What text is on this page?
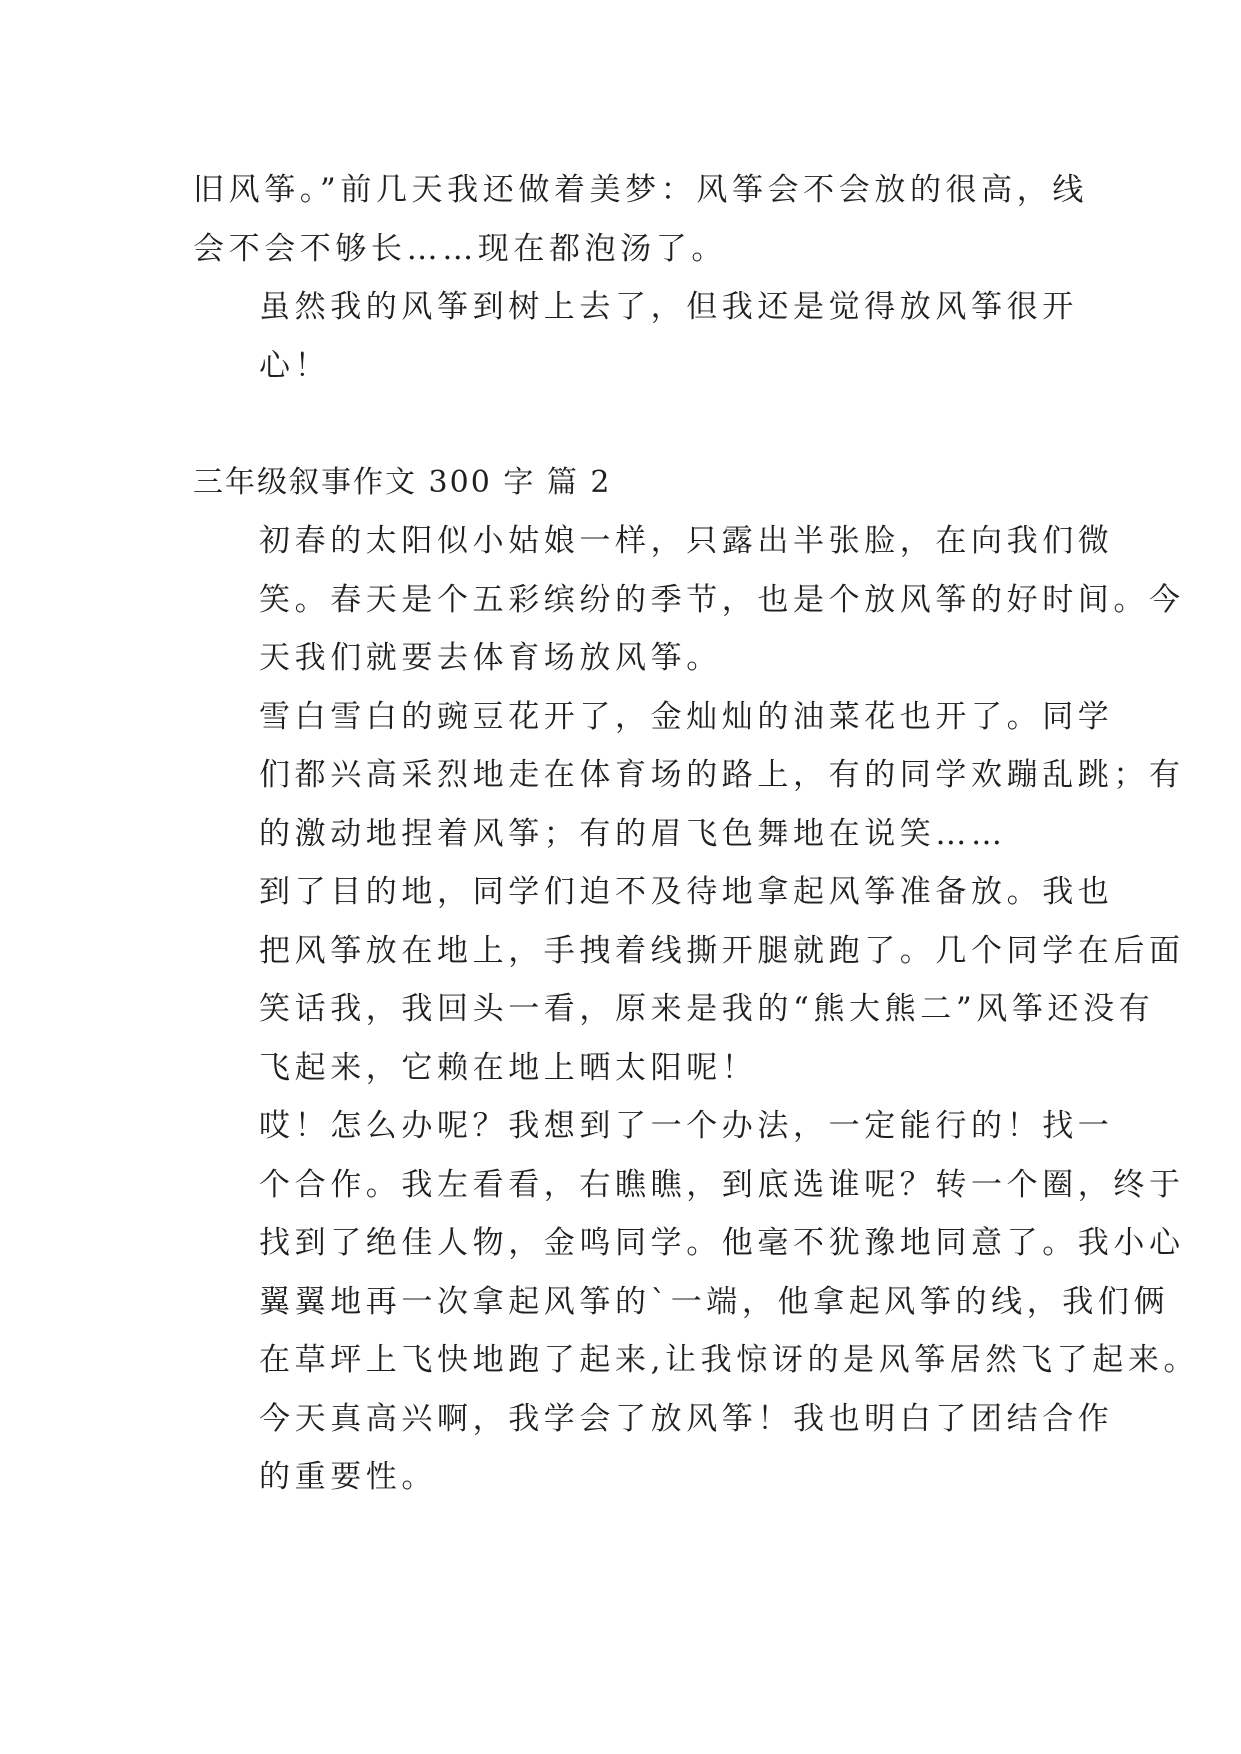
旧风筝。”前几天我还做着美梦：风筝会不会放的很高，线
会不会不够长……现在都泡汤了。

虽然我的风筝到树上去了，但我还是觉得放风筝很开
心！

三年级叙事作文 300 字 篇 2

初春的太阳似小姑娘一样，只露出半张脸，在向我们微
笑。春天是个五彩缤纷的季节，也是个放风筝的好时间。今
天我们就要去体育场放风筝。

雪白雪白的豌豆花开了，金灿灿的油菜花也开了。同学
们都兴高采烈地走在体育场的路上，有的同学欢蹦乱跳；有
的激动地捏着风筝；有的眉飞色舞地在说笑……

到了目的地，同学们迫不及待地拿起风筝准备放。我也
把风筝放在地上，手拽着线撕开腿就跑了。几个同学在后面
笑话我，我回头一看，原来是我的“熊大熊二”风筝还没有
飞起来，它赖在地上晒太阳呢！

哎！怎么办呢？我想到了一个办法，一定能行的！找一
个合作。我左看看，右瞧瞧，到底选谁呢？转一个圈，终于
找到了绝佳人物，金鸣同学。他毫不犹豫地同意了。我小心
翼翼地再一次拿起风筝的`一端，他拿起风筝的线，我们俩
在草坪上飞快地跑了起来,让我惊讶的是风筝居然飞了起来。

今天真高兴啊，我学会了放风筝！我也明白了团结合作
的重要性。
